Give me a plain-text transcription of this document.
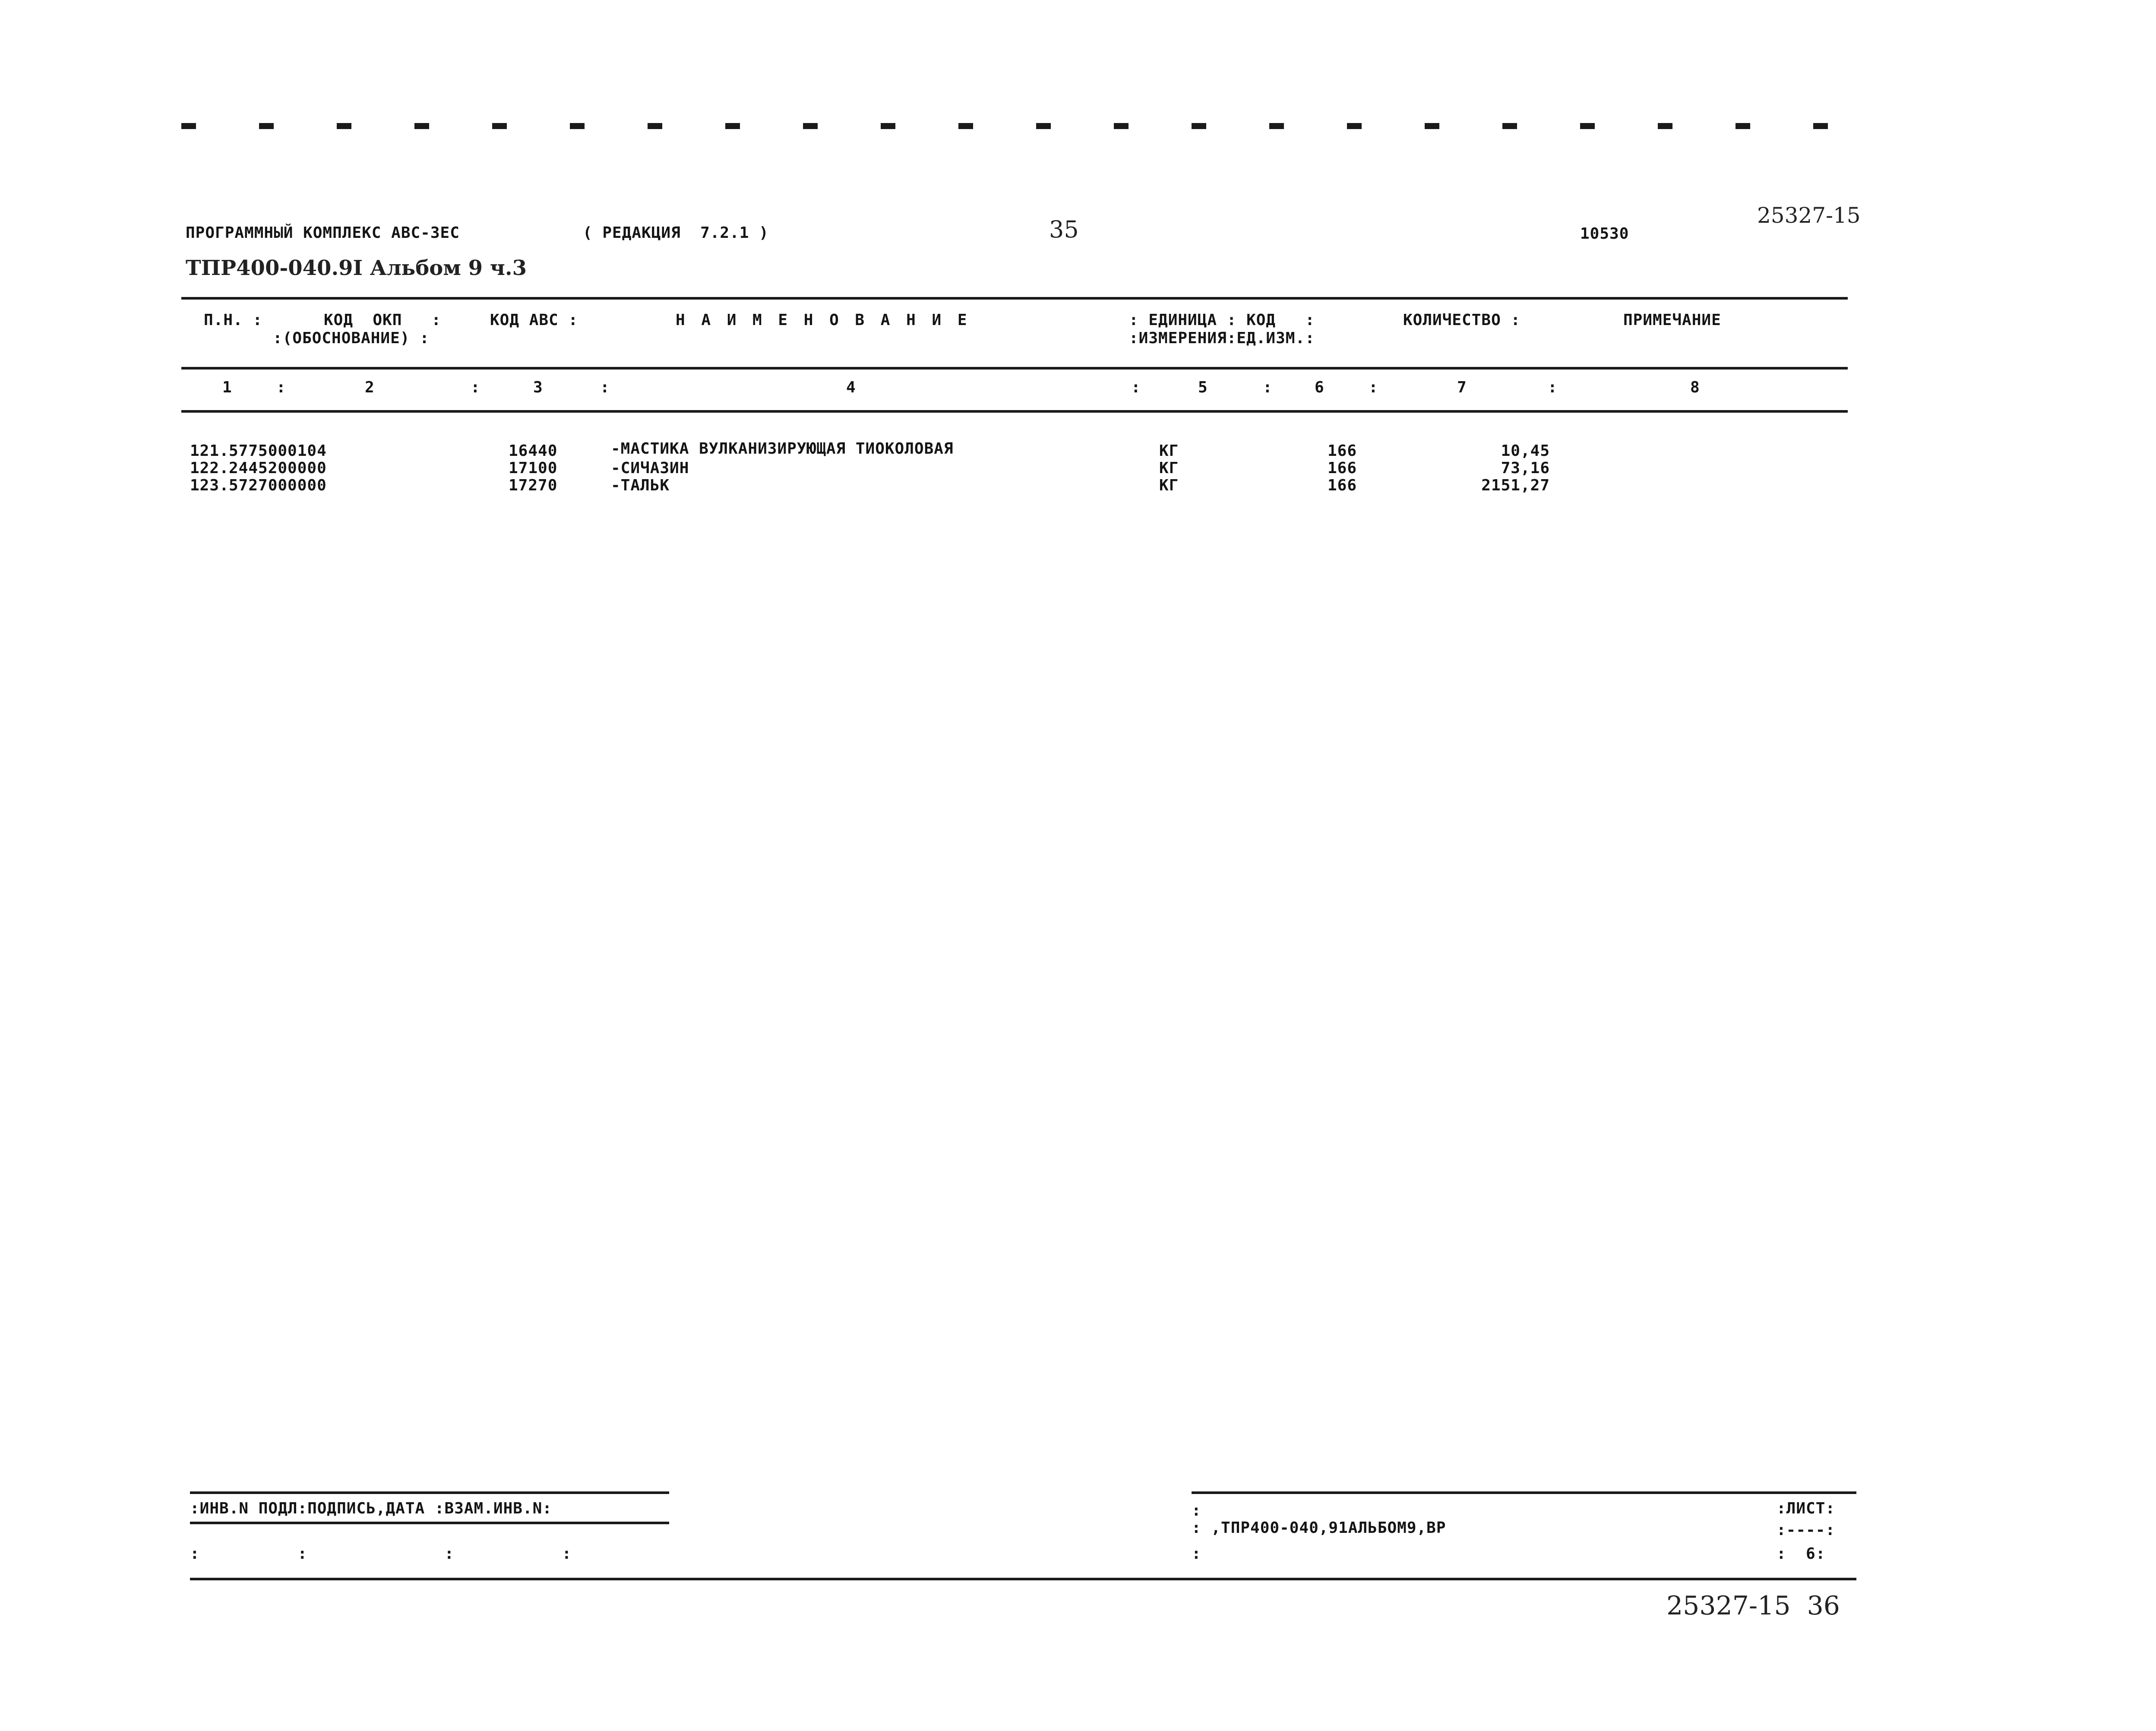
ПРОГРАММНЫЙ КОМПЛЕКС АВС-3ЕС	( РЕДАКЦИЯ  7.2.1 )	35	10530
25327-15
ТПР400-040.9I Альбом 9 ч.3
П.Н. :	КОД  ОКП   :
:(ОБОСНОВАНИЕ) :
КОД АВС :	Н А И М Е Н О В А Н И Е	: ЕДИНИЦА : КОД   :
:ИЗМЕРЕНИЯ:ЕД.ИЗМ.:
КОЛИЧЕСТВО :	ПРИМЕЧАНИЕ
1	2	3	4	5	6	7	8
:	:	:	:	:	:	:
121 . 5775000104	16440	-МАСТИКА ВУЛКАНИЗИРУЮЩАЯ ТИОКОЛОВАЯ	КГ	166	10,45
122 . 2445200000	17100	-СИЧАЗИН	КГ	166	73,16
123 . 5727000000	17270	-ТАЛЬК	КГ	166	2151,27
:ИНВ.N ПОДЛ:ПОДПИСЬ,ДАТА :ВЗАМ.ИНВ.N:
:          :              :           :
: ,ТПР400-040,91АЛЬБОМ9,ВР
:
:
:ЛИСТ:
:----:
:  6:
25327-15  36
